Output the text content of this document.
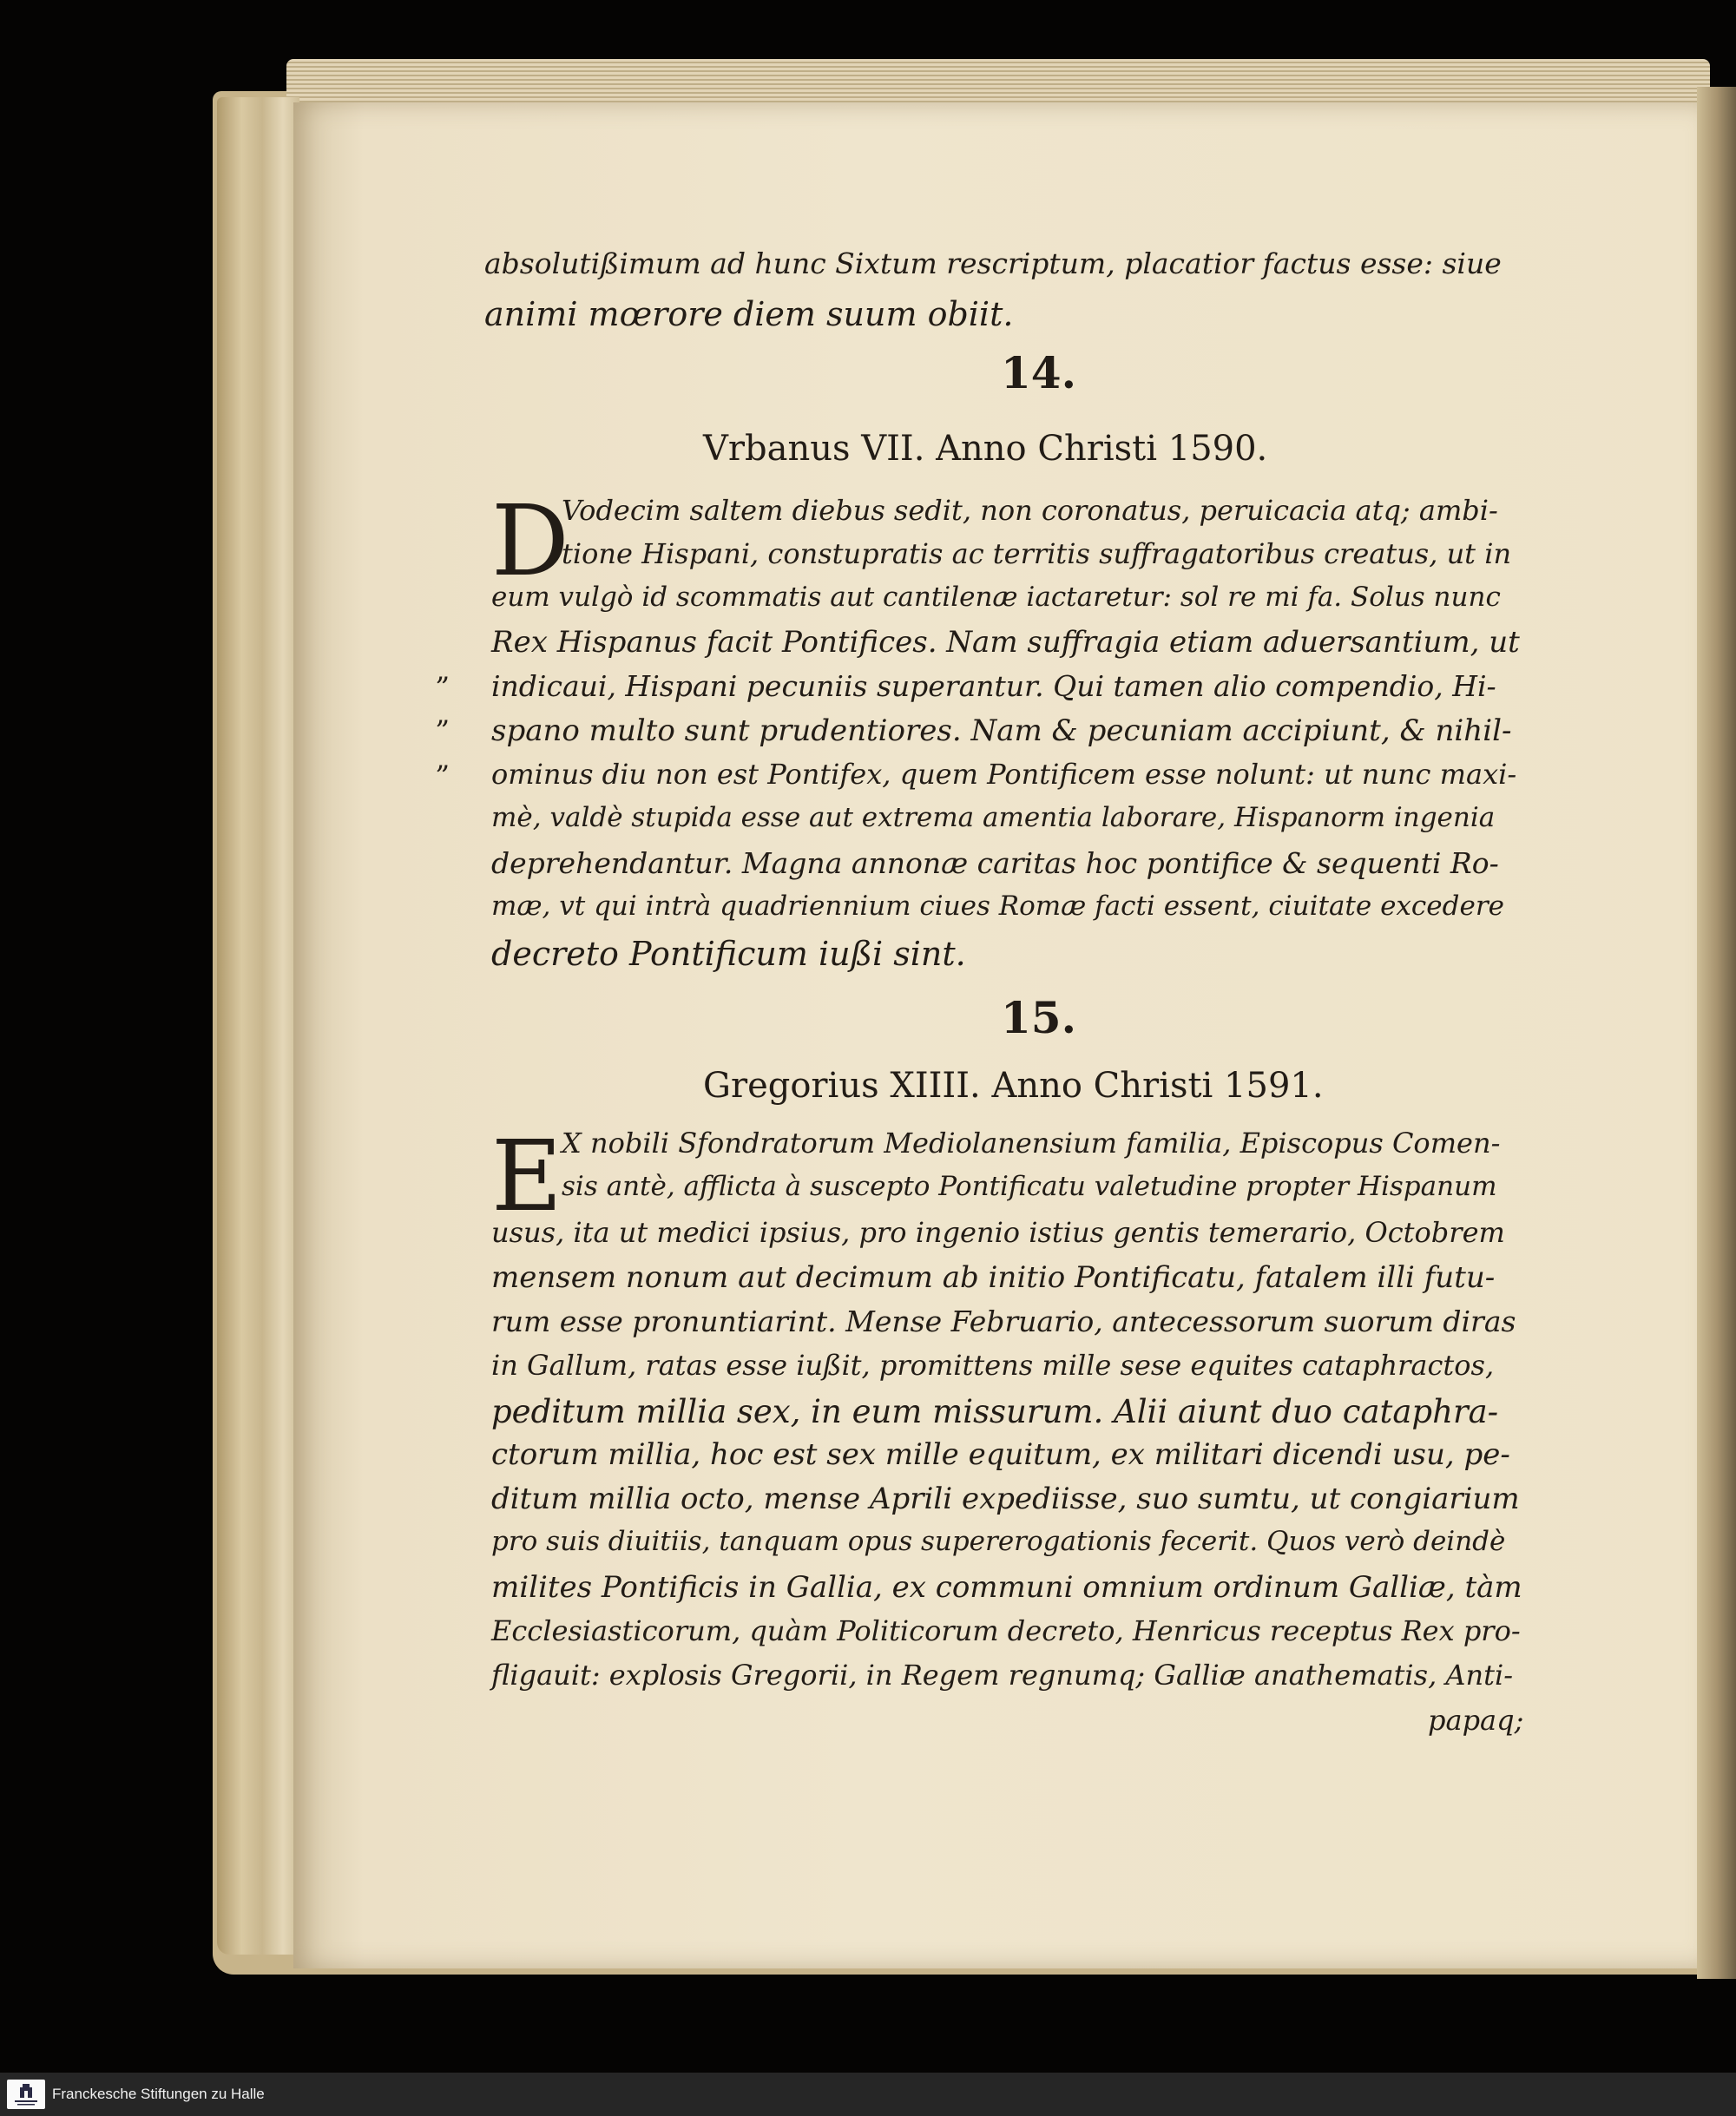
absolutißimum ad hunc Sixtum rescriptum, placatior factus esse: siue
animi mœrore diem suum obiit.
14.
Vrbanus VII. Anno Christi 1590.
D
Vodecim saltem diebus sedit, non coronatus, peruicacia atq; ambi-
tione Hispani, constupratis ac territis suffragatoribus creatus, ut in
eum vulgò id scommatis aut cantilenæ iactaretur: sol re mi fa. Solus nunc
Rex Hispanus facit Pontifices. Nam suffragia etiam aduersantium, ut
indicaui, Hispani pecuniis superantur. Qui tamen alio compendio, Hi-
spano multo sunt prudentiores. Nam & pecuniam accipiunt, & nihil-
ominus diu non est Pontifex, quem Pontificem esse nolunt: ut nunc maxi-
mè, valdè stupida esse aut extrema amentia laborare, Hispanorm ingenia
deprehendantur. Magna annonæ caritas hoc pontifice & sequenti Ro-
mæ, vt qui intrà quadriennium ciues Romæ facti essent, ciuitate excedere
decreto Pontificum iußi sint.
„
„
„
15.
Gregorius XIIII. Anno Christi 1591.
E X nobili Sfondratorum Mediolanensium familia, Episcopus Comen-
sis antè, afflicta à suscepto Pontificatu valetudine propter Hispanum
usus, ita ut medici ipsius, pro ingenio istius gentis temerario, Octobrem
mensem nonum aut decimum ab initio Pontificatu, fatalem illi futu-
rum esse pronuntiarint. Mense Februario, antecessorum suorum diras
in Gallum, ratas esse iußit, promittens mille sese equites cataphractos,
peditum millia sex, in eum missurum. Alii aiunt duo cataphra-
ctorum millia, hoc est sex mille equitum, ex militari dicendi usu, pe-
ditum millia octo, mense Aprili expediisse, suo sumtu, ut congiarium
pro suis diuitiis, tanquam opus supererogationis fecerit. Quos verò deindè
milites Pontificis in Gallia, ex communi omnium ordinum Galliæ, tàm
Ecclesiasticorum, quàm Politicorum decreto, Henricus receptus Rex pro-
fligauit: explosis Gregorii, in Regem regnumq; Galliæ anathematis, Anti-
papaq;
Franckesche Stiftungen zu Halle
